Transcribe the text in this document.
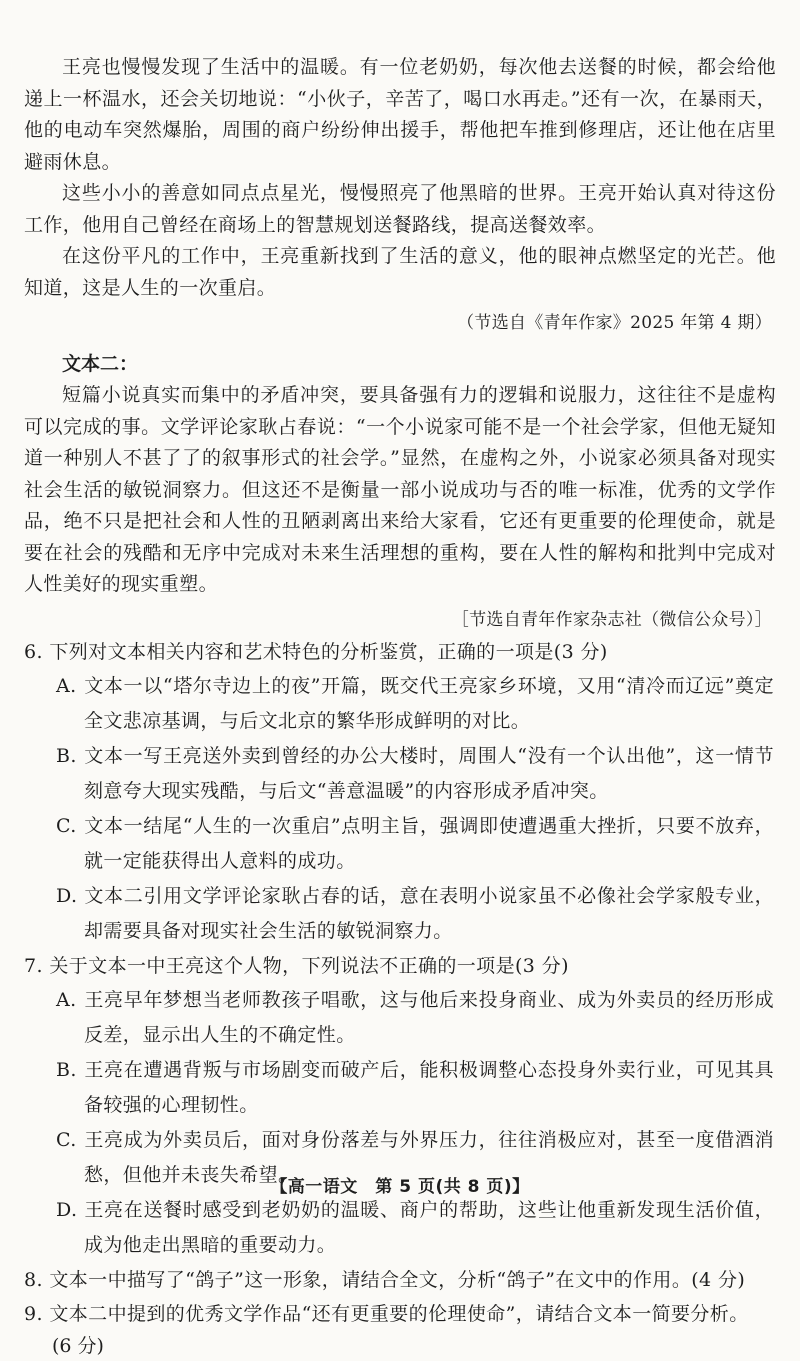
王亮也慢慢发现了生活中的温暖。有一位老奶奶，每次他去送餐的时候，都会给他递上一杯温水，还会关切地说：“小伙子，辛苦了，喝口水再走。”还有一次，在暴雨天，他的电动车突然爆胎，周围的商户纷纷伸出援手，帮他把车推到修理店，还让他在店里避雨休息。

这些小小的善意如同点点星光，慢慢照亮了他黑暗的世界。王亮开始认真对待这份工作，他用自己曾经在商场上的智慧规划送餐路线，提高送餐效率。

在这份平凡的工作中，王亮重新找到了生活的意义，他的眼神点燃坚定的光芒。他知道，这是人生的一次重启。

（节选自《青年作家》2025 年第 4 期）

文本二：

短篇小说真实而集中的矛盾冲突，要具备强有力的逻辑和说服力，这往往不是虚构可以完成的事。文学评论家耿占春说：“一个小说家可能不是一个社会学家，但他无疑知道一种别人不甚了了的叙事形式的社会学。”显然，在虚构之外，小说家必须具备对现实社会生活的敏锐洞察力。但这还不是衡量一部小说成功与否的唯一标准，优秀的文学作品，绝不只是把社会和人性的丑陋剥离出来给大家看，它还有更重要的伦理使命，就是要在社会的残酷和无序中完成对未来生活理想的重构，要在人性的解构和批判中完成对人性美好的现实重塑。

［节选自青年作家杂志社（微信公众号）］

6. 下列对文本相关内容和艺术特色的分析鉴赏，正确的一项是(3 分)

A. 文本一以“塔尔寺边上的夜”开篇，既交代王亮家乡环境，又用“清冷而辽远”奠定全文悲凉基调，与后文北京的繁华形成鲜明的对比。

B. 文本一写王亮送外卖到曾经的办公大楼时，周围人“没有一个认出他”，这一情节刻意夸大现实残酷，与后文“善意温暖”的内容形成矛盾冲突。

C. 文本一结尾“人生的一次重启”点明主旨，强调即使遭遇重大挫折，只要不放弃，就一定能获得出人意料的成功。

D. 文本二引用文学评论家耿占春的话，意在表明小说家虽不必像社会学家般专业，却需要具备对现实社会生活的敏锐洞察力。

7. 关于文本一中王亮这个人物，下列说法不正确的一项是(3 分)

A. 王亮早年梦想当老师教孩子唱歌，这与他后来投身商业、成为外卖员的经历形成反差，显示出人生的不确定性。

B. 王亮在遭遇背叛与市场剧变而破产后，能积极调整心态投身外卖行业，可见其具备较强的心理韧性。

C. 王亮成为外卖员后，面对身份落差与外界压力，往往消极应对，甚至一度借酒消愁，但他并未丧失希望。

D. 王亮在送餐时感受到老奶奶的温暖、商户的帮助，这些让他重新发现生活价值，成为他走出黑暗的重要动力。

8. 文本一中描写了“鸽子”这一形象，请结合全文，分析“鸽子”在文中的作用。(4 分)

9. 文本二中提到的优秀文学作品“还有更重要的伦理使命”，请结合文本一简要分析。

(6 分)

【高一语文　第 5 页(共 8 页)】
